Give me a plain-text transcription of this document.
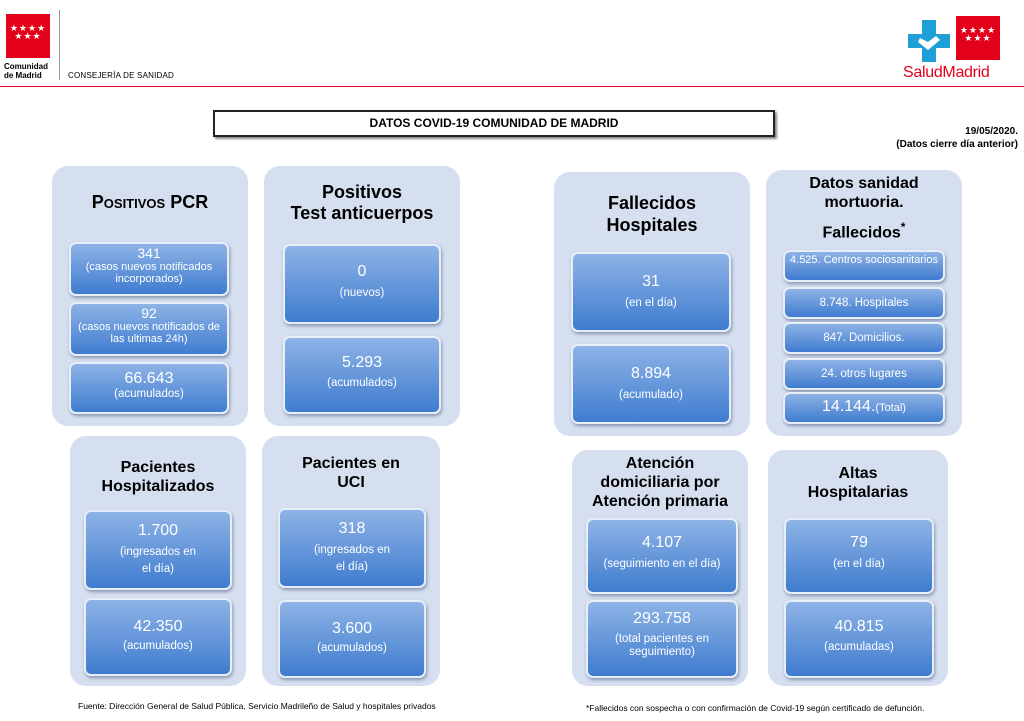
★★★★
★★★
Comunidad
de Madrid	CONSEJERÍA DE SANIDAD
★★★★
★★★
SaludMadrid
DATOS COVID-19 COMUNIDAD DE MADRID
19/05/2020.
(Datos cierre día anterior)
Positivos PCR
341
(casos nuevos notificados incorporados)
92
(casos nuevos notificados de las ultimas 24h)
66.643
(acumulados)
Positivos
Test anticuerpos
0
(nuevos)
5.293
(acumulados)
Fallecidos
Hospitales
31
(en el día)
8.894
(acumulado)
Datos sanidad
mortuoria.
Fallecidos*
4.525. Centros sociosanitarios
8.748. Hospitales
847. Domicilios.
24. otros lugares
14.144.(Total)
Pacientes
Hospitalizados
1.700
(ingresados en
el día)
42.350
(acumulados)
Pacientes en
UCI
318
(ingresados en
el día)
3.600
(acumulados)
Atención
domiciliaria por
Atención primaria
4.107
(seguimiento en el día)
293.758
(total pacientes en
seguimiento)
Altas
Hospitalarias
79
(en el día)
40.815
(acumuladas)
Fuente: Dirección General de Salud Pública, Servicio Madrileño de Salud y hospitales privados	*Fallecidos con sospecha o con confirmación de Covid-19 según certificado de defunción.
